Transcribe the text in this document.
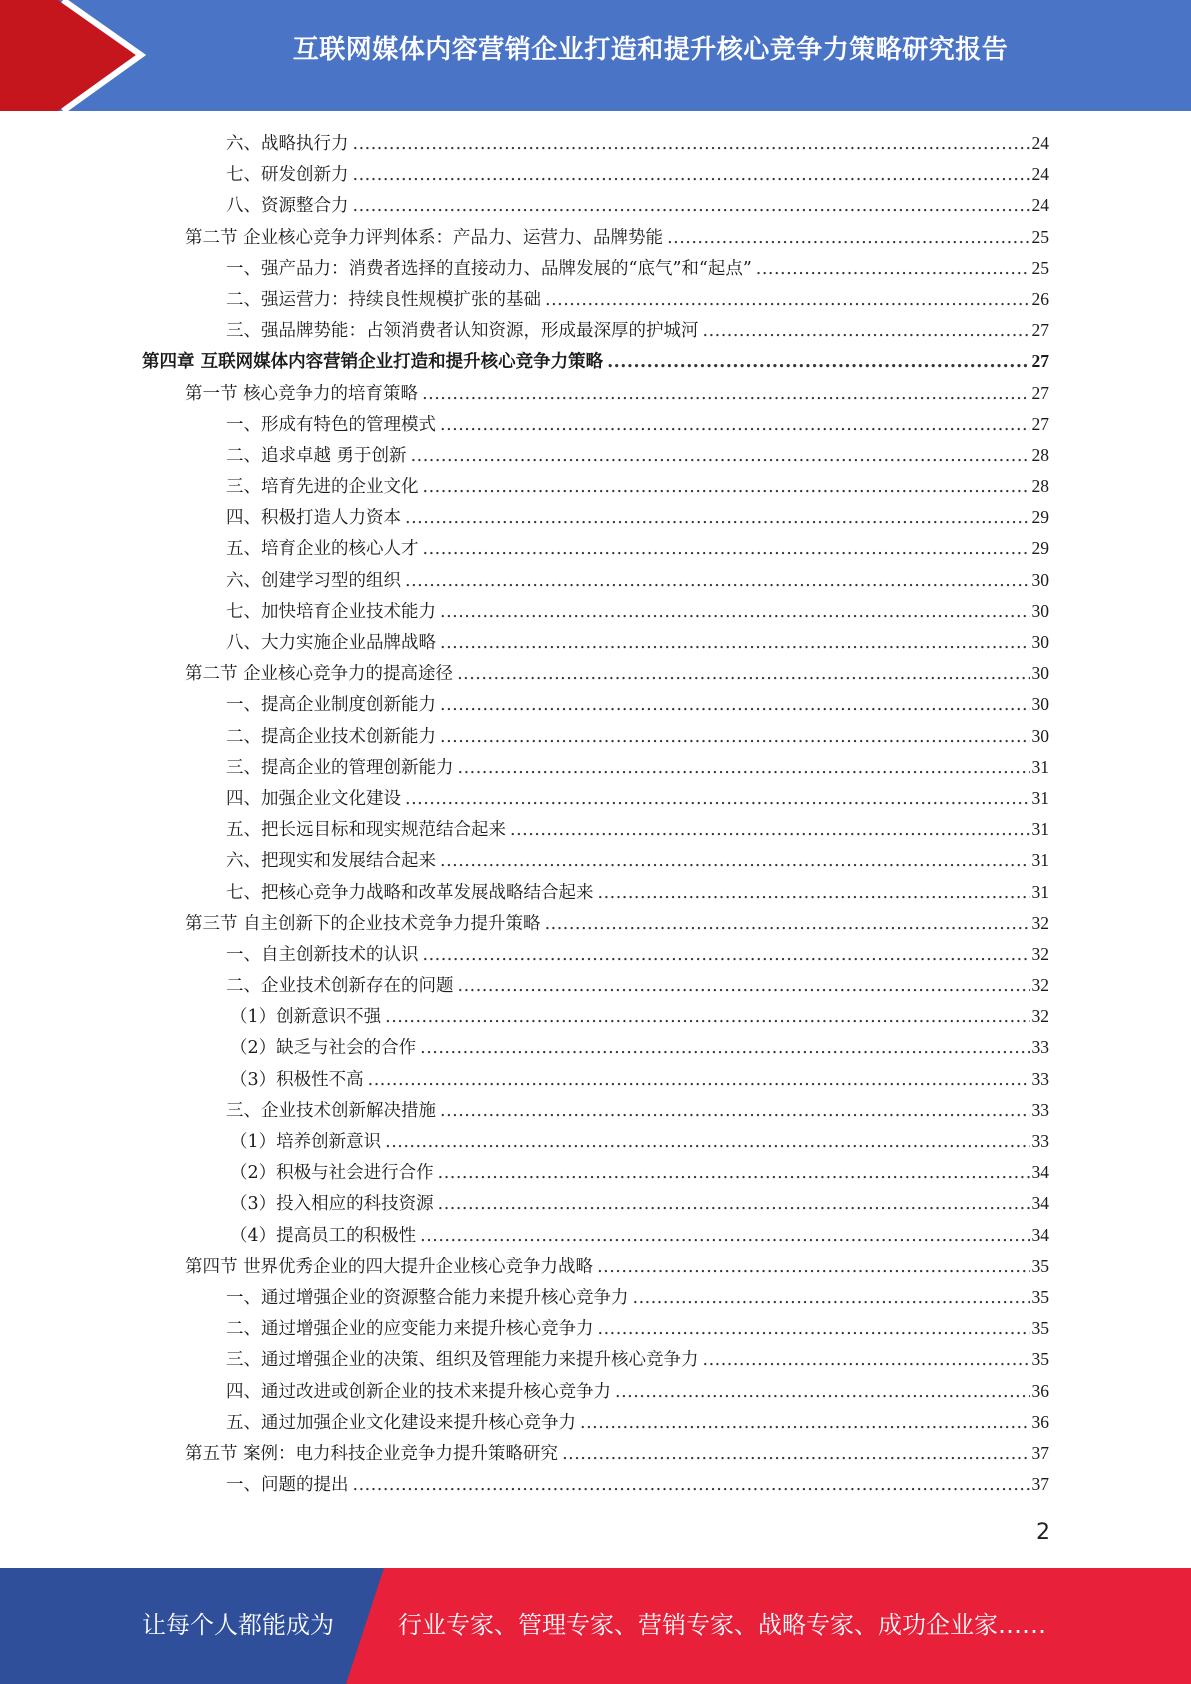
互联网媒体内容营销企业打造和提升核心竞争力策略研究报告
六、战略执行力 .....	24
七、研发创新力 .....	24
八、资源整合力 .....	24
第二节 企业核心竞争力评判体系：产品力、运营力、品牌势能 .....	25
一、强产品力：消费者选择的直接动力、品牌发展的“底气”和“起点” .....	25
二、强运营力：持续良性规模扩张的基础 .....	26
三、强品牌势能：占领消费者认知资源，形成最深厚的护城河 .....	27
第四章 互联网媒体内容营销企业打造和提升核心竞争力策略 .....	27
第一节 核心竞争力的培育策略 .....	27
一、形成有特色的管理模式 .....	27
二、追求卓越 勇于创新 .....	28
三、培育先进的企业文化 .....	28
四、积极打造人力资本 .....	29
五、培育企业的核心人才 .....	29
六、创建学习型的组织 .....	30
七、加快培育企业技术能力 .....	30
八、大力实施企业品牌战略 .....	30
第二节 企业核心竞争力的提高途径 .....	30
一、提高企业制度创新能力 .....	30
二、提高企业技术创新能力 .....	30
三、提高企业的管理创新能力 .....	31
四、加强企业文化建设 .....	31
五、把长远目标和现实规范结合起来 .....	31
六、把现实和发展结合起来 .....	31
七、把核心竞争力战略和改革发展战略结合起来 .....	31
第三节 自主创新下的企业技术竞争力提升策略 .....	32
一、自主创新技术的认识 .....	32
二、企业技术创新存在的问题 .....	32
（1）创新意识不强 .....	32
（2）缺乏与社会的合作 .....	33
（3）积极性不高 .....	33
三、企业技术创新解决措施 .....	33
（1）培养创新意识 .....	33
（2）积极与社会进行合作 .....	34
（3）投入相应的科技资源 .....	34
（4）提高员工的积极性 .....	34
第四节 世界优秀企业的四大提升企业核心竞争力战略 .....	35
一、通过增强企业的资源整合能力来提升核心竞争力 .....	35
二、通过增强企业的应变能力来提升核心竞争力 .....	35
三、通过增强企业的决策、组织及管理能力来提升核心竞争力 .....	35
四、通过改进或创新企业的技术来提升核心竞争力 .....	36
五、通过加强企业文化建设来提升核心竞争力 .....	36
第五节 案例：电力科技企业竞争力提升策略研究 .....	37
一、问题的提出 .....	37
2
让每个人都能成为	行业专家、管理专家、营销专家、战略专家、成功企业家……
